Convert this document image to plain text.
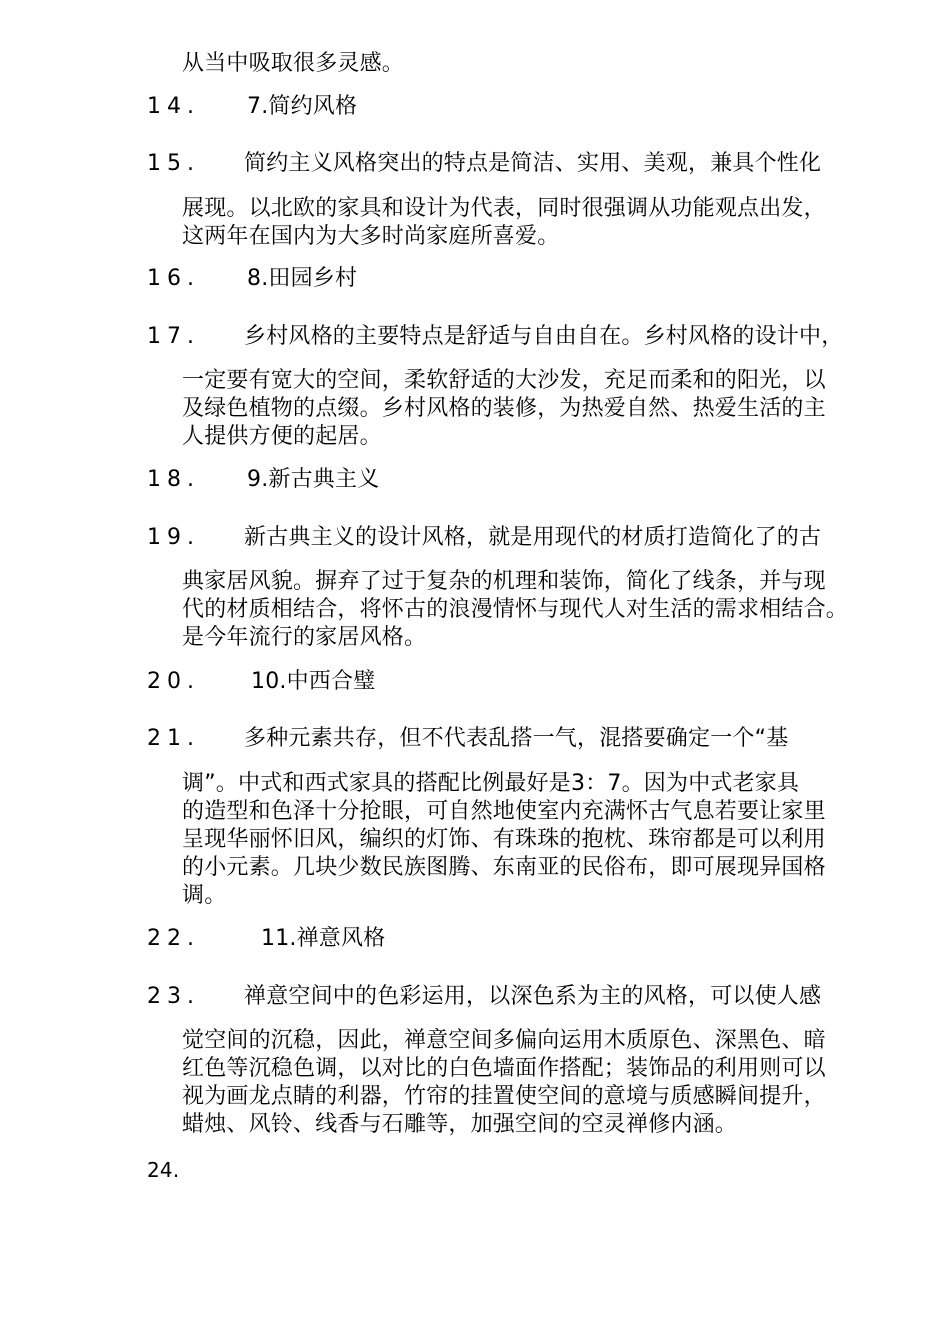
从当中吸取很多灵感。
14. 7.简约风格
15. 简约主义风格突出的特点是简洁、实用、美观，兼具个性化
展现。以北欧的家具和设计为代表，同时很强调从功能观点出发，
这两年在国内为大多时尚家庭所喜爱。
16. 8.田园乡村
17. 乡村风格的主要特点是舒适与自由自在。乡村风格的设计中，
一定要有宽大的空间，柔软舒适的大沙发，充足而柔和的阳光，以
及绿色植物的点缀。乡村风格的装修，为热爱自然、热爱生活的主
人提供方便的起居。
18. 9.新古典主义
19. 新古典主义的设计风格，就是用现代的材质打造简化了的古
典家居风貌。摒弃了过于复杂的机理和装饰，简化了线条，并与现
代的材质相结合，将怀古的浪漫情怀与现代人对生活的需求相结合。
是今年流行的家居风格。
20. 10.中西合璧
21. 多种元素共存，但不代表乱搭一气，混搭要确定一个“基
调”。中式和西式家具的搭配比例最好是3：7。因为中式老家具
的造型和色泽十分抢眼，可自然地使室内充满怀古气息若要让家里
呈现华丽怀旧风，编织的灯饰、有珠珠的抱枕、珠帘都是可以利用
的小元素。几块少数民族图腾、东南亚的民俗布，即可展现异国格
调。
22.	11.禅意风格
23. 禅意空间中的色彩运用，以深色系为主的风格，可以使人感
觉空间的沉稳，因此，禅意空间多偏向运用木质原色、深黑色、暗
红色等沉稳色调，以对比的白色墙面作搭配；装饰品的利用则可以
视为画龙点睛的利器，竹帘的挂置使空间的意境与质感瞬间提升，
蜡烛、风铃、线香与石雕等，加强空间的空灵禅修内涵。
24.
